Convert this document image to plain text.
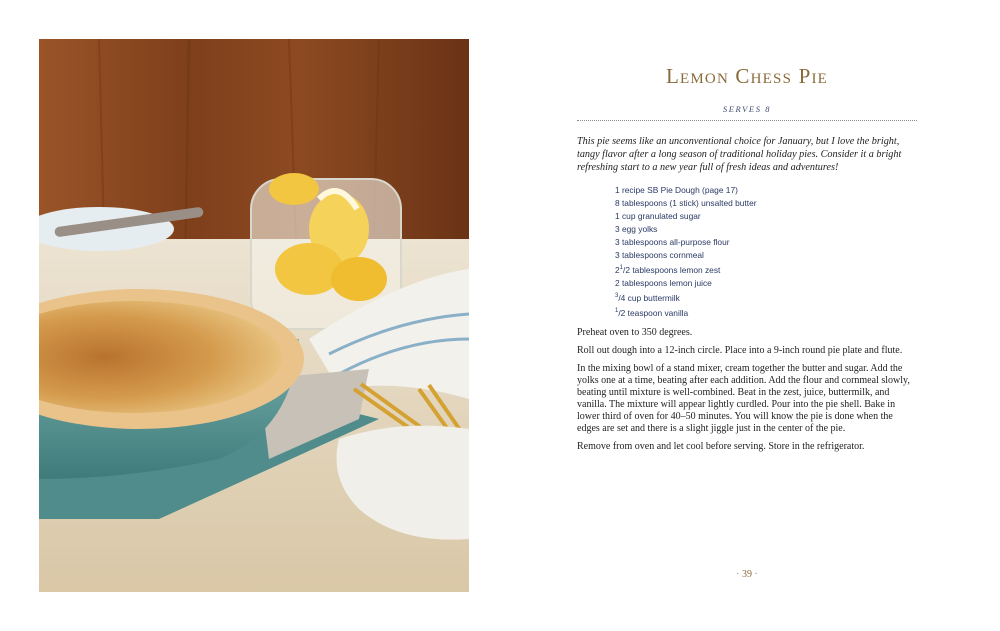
Lemon Chess Pie
SERVES 8
This pie seems like an unconventional choice for January, but I love the bright, tangy flavor after a long season of traditional holiday pies. Consider it a bright refreshing start to a new year full of fresh ideas and adventures!
1 recipe SB Pie Dough (page 17)
8 tablespoons (1 stick) unsalted butter
1 cup granulated sugar
3 egg yolks
3 tablespoons all-purpose flour
3 tablespoons cornmeal
$2^1/2$ tablespoons lemon zest
2 tablespoons lemon juice
$^3$/4 cup buttermilk
$^1$/2 teaspoon vanilla

Preheat oven to 350 degrees.

Roll out dough into a 12-inch circle. Place into a 9-inch round pie plate and flute.

In the mixing bowl of a stand mixer, cream together the butter and sugar. Add the yolks one at a time, beating after each addition. Add the flour and cornmeal slowly, beating until mixture is well-combined. Beat in the zest, juice, buttermilk, and vanilla. The mixture will appear lightly curdled. Pour into the pie shell. Bake in lower third of oven for 40–50 minutes. You will know the pie is done when the edges are set and there is a slight jiggle just in the center of the pie.

Remove from oven and let cool before serving. Store in the refrigerator.

· 39 ·
